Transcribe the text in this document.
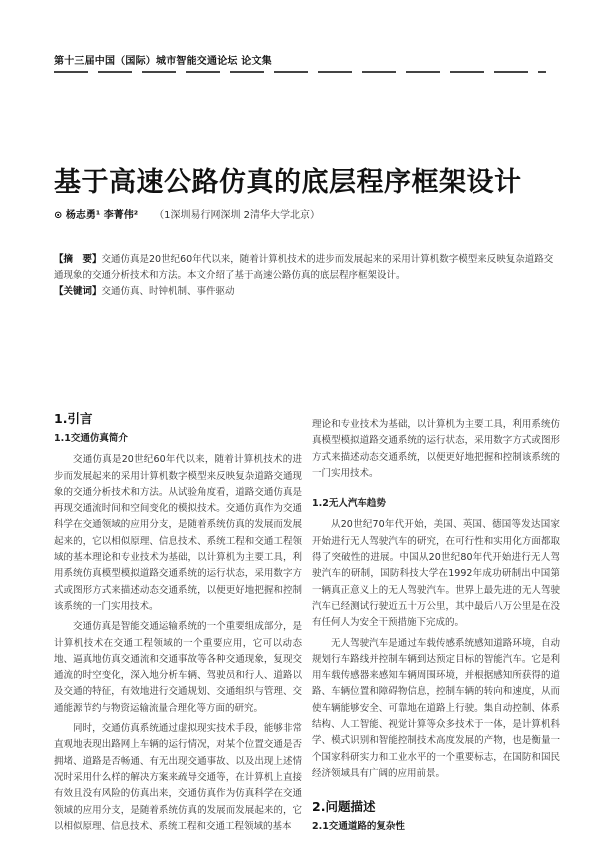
第十三届中国（国际）城市智能交通论坛 论文集
基于高速公路仿真的底层程序框架设计
⊙ 杨志勇¹ 李菁伟² （1深圳易行网深圳 2清华大学北京）
【摘　要】交通仿真是20世纪60年代以来，随着计算机技术的进步而发展起来的采用计算机数字模型来反映复杂道路交通现象的交通分析技术和方法。本文介绍了基于高速公路仿真的底层程序框架设计。
【关键词】交通仿真、时钟机制、事件驱动
1.引言
1.1交通仿真简介

交通仿真是20世纪60年代以来，随着计算机技术的进步而发展起来的采用计算机数字模型来反映复杂道路交通现象的交通分析技术和方法。从试验角度看，道路交通仿真是再现交通流时间和空间变化的模拟技术。交通仿真作为交通科学在交通领域的应用分支，是随着系统仿真的发展而发展起来的，它以相似原理、信息技术、系统工程和交通工程领域的基本理论和专业技术为基础，以计算机为主要工具，利用系统仿真模型模拟道路交通系统的运行状态，采用数字方式或图形方式来描述动态交通系统，以便更好地把握和控制该系统的一门实用技术。

交通仿真是智能交通运输系统的一个重要组成部分，是计算机技术在交通工程领域的一个重要应用，它可以动态地、逼真地仿真交通流和交通事故等各种交通现象，复现交通流的时空变化，深入地分析车辆、驾驶员和行人、道路以及交通的特征，有效地进行交通规划、交通组织与管理、交通能源节约与物资运输流量合理化等方面的研究。

同时，交通仿真系统通过虚拟现实技术手段，能够非常直观地表现出路网上车辆的运行情况，对某个位置交通是否拥堵、道路是否畅通、有无出现交通事故、以及出现上述情况时采用什么样的解决方案来疏导交通等，在计算机上直接有效且没有风险的仿真出来，交通仿真作为仿真科学在交通领域的应用分支，是随着系统仿真的发展而发展起来的，它以相似原理、信息技术、系统工程和交通工程领域的基本

理论和专业技术为基础，以计算机为主要工具，利用系统仿真模型模拟道路交通系统的运行状态，采用数字方式或图形方式来描述动态交通系统，以便更好地把握和控制该系统的一门实用技术。

1.2无人汽车趋势

从20世纪70年代开始，美国、英国、德国等发达国家开始进行无人驾驶汽车的研究，在可行性和实用化方面都取得了突破性的进展。中国从20世纪80年代开始进行无人驾驶汽车的研制，国防科技大学在1992年成功研制出中国第一辆真正意义上的无人驾驶汽车。世界上最先进的无人驾驶汽车已经测试行驶近五十万公里，其中最后八万公里是在没有任何人为安全干预措施下完成的。

无人驾驶汽车是通过车载传感系统感知道路环境，自动规划行车路线并控制车辆到达预定目标的智能汽车。它是利用车载传感器来感知车辆周围环境，并根据感知所获得的道路、车辆位置和障碍物信息，控制车辆的转向和速度，从而使车辆能够安全、可靠地在道路上行驶。集自动控制、体系结构、人工智能、视觉计算等众多技术于一体，是计算机科学、模式识别和智能控制技术高度发展的产物，也是衡量一个国家科研实力和工业水平的一个重要标志，在国防和国民经济领域具有广阔的应用前景。

2.问题描述
2.1交通道路的复杂性
